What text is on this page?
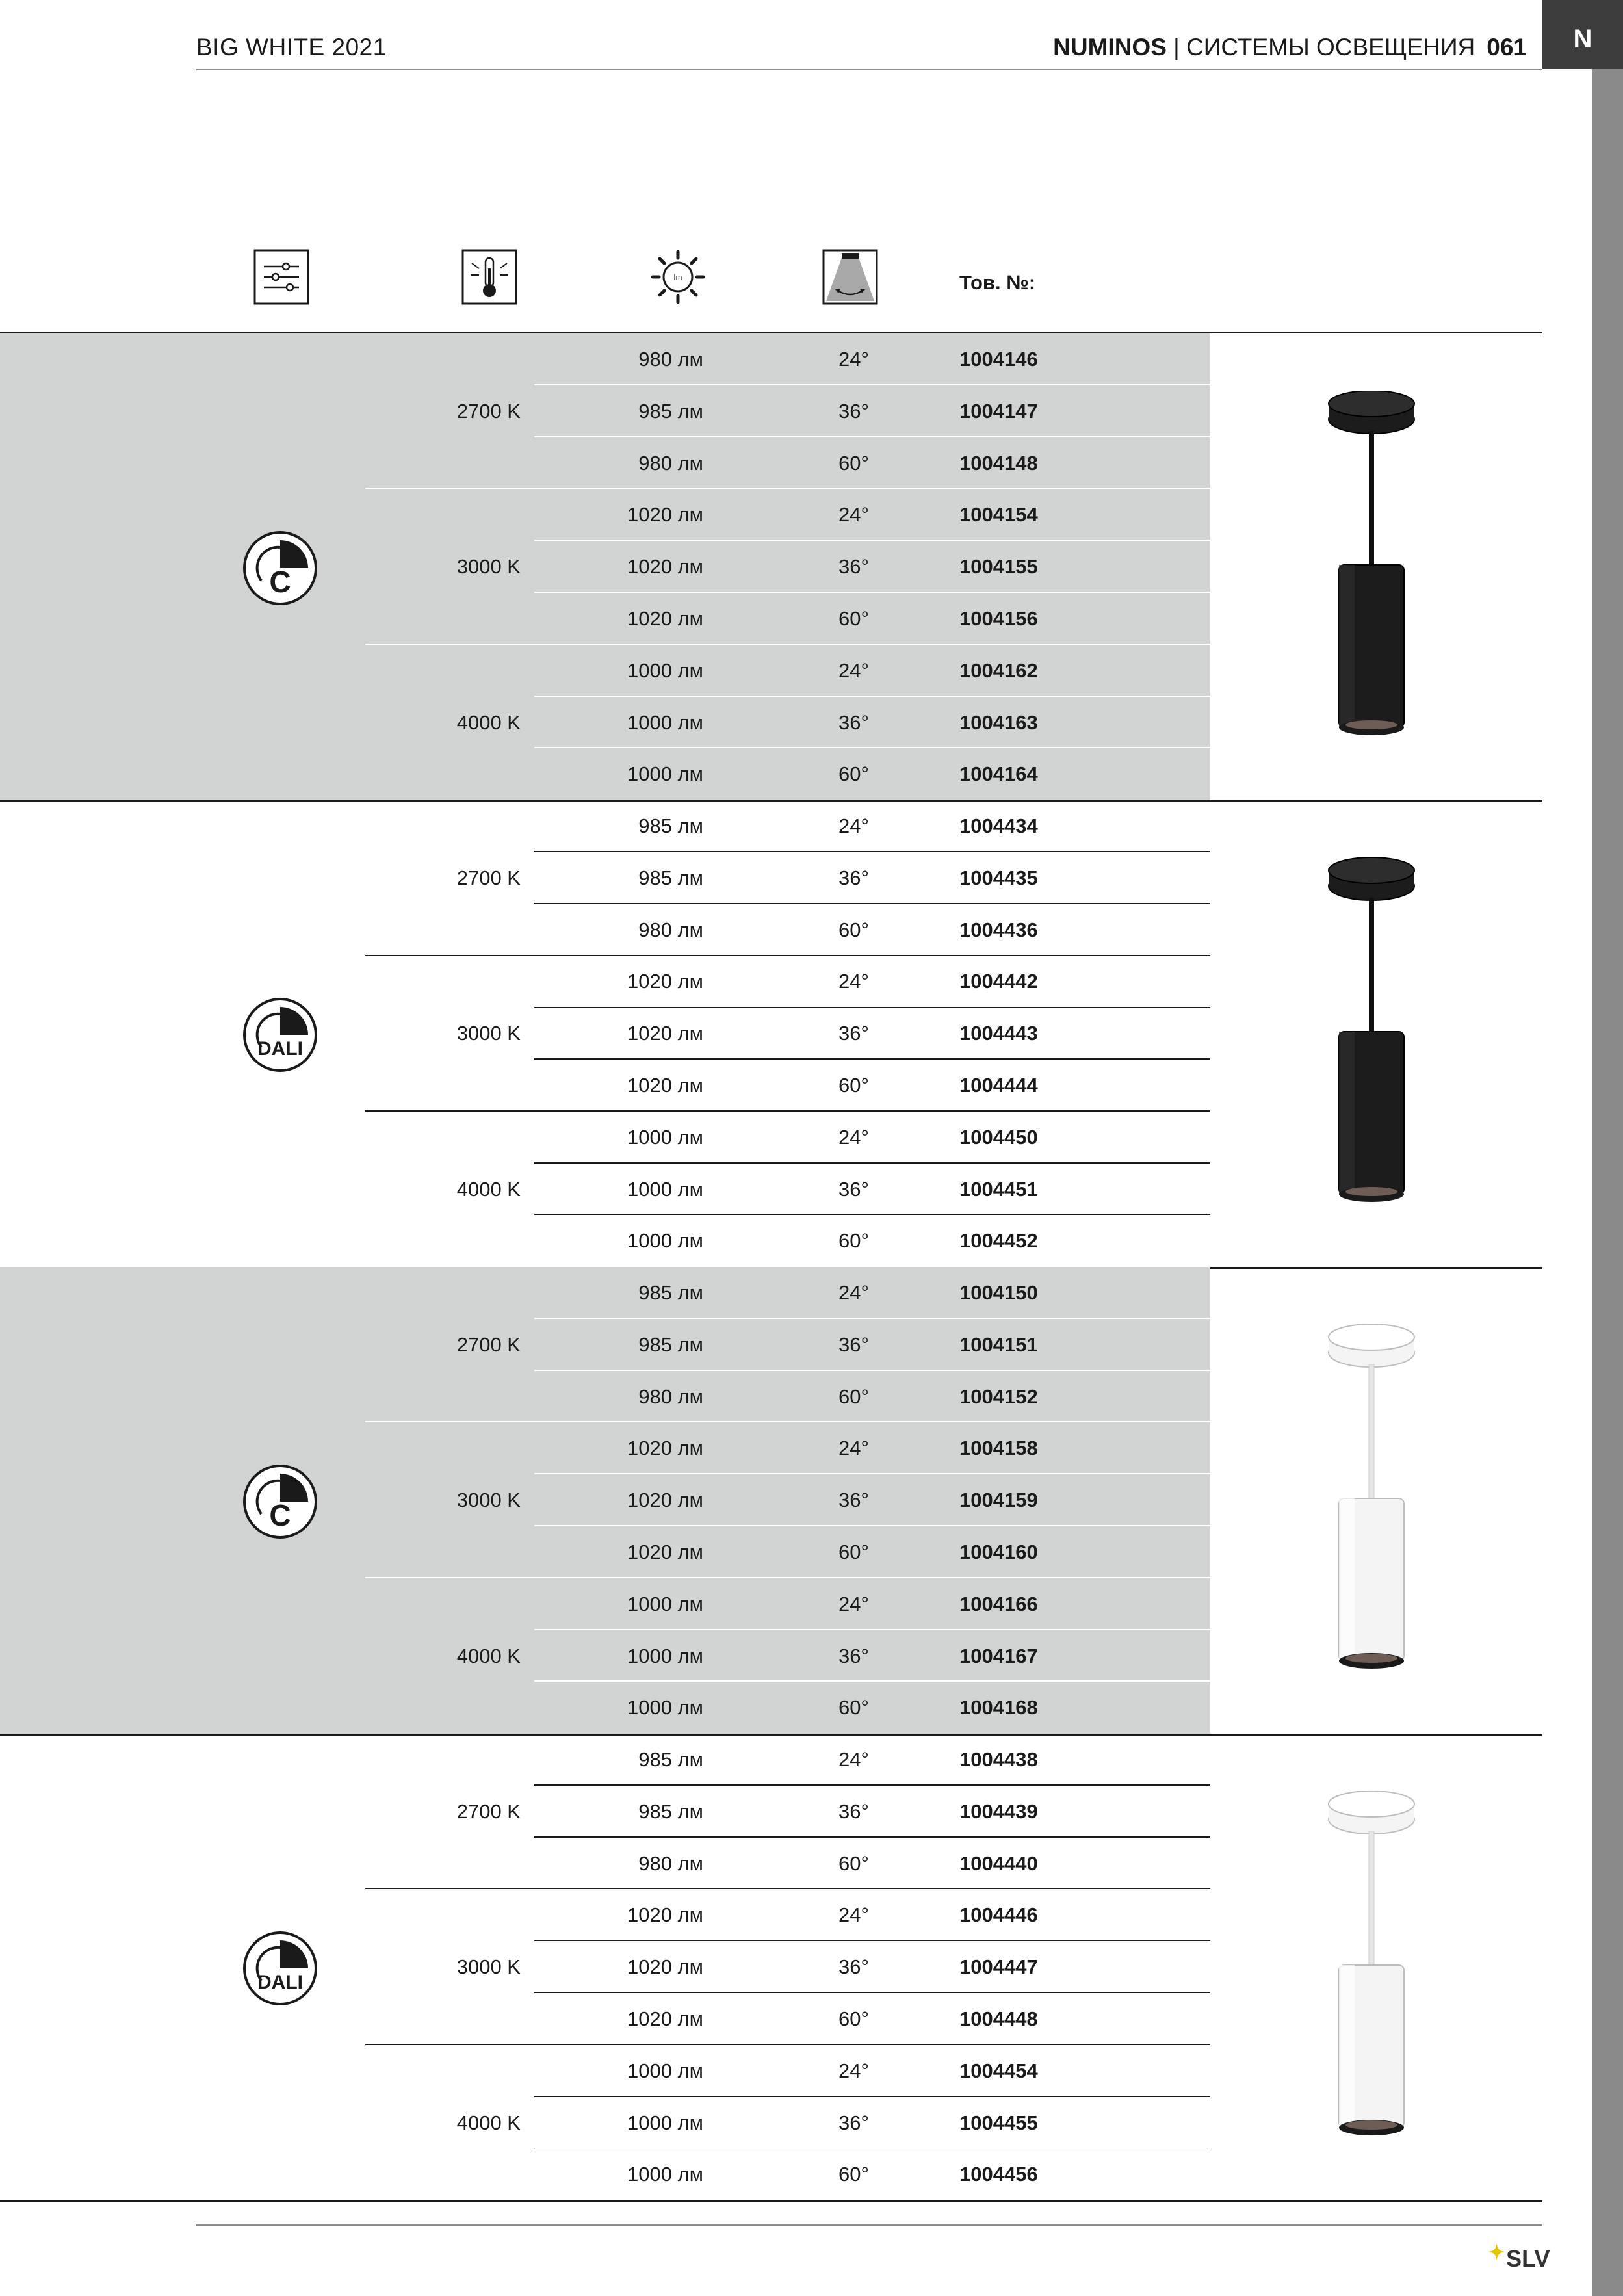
BIG WHITE 2021	NUMINOS | СИСТЕМЫ ОСВЕЩЕНИЯ 061	N
lm	Тов. №:
C
2700 K
980 лм	24°	1004146
985 лм	36°	1004147
980 лм	60°	1004148
3000 K
1020 лм	24°	1004154
1020 лм	36°	1004155
1020 лм	60°	1004156
4000 K
1000 лм	24°	1004162
1000 лм	36°	1004163
1000 лм	60°	1004164
DALI
2700 K
985 лм	24°	1004434
985 лм	36°	1004435
980 лм	60°	1004436
3000 K
1020 лм	24°	1004442
1020 лм	36°	1004443
1020 лм	60°	1004444
4000 K
1000 лм	24°	1004450
1000 лм	36°	1004451
1000 лм	60°	1004452
C
2700 K
985 лм	24°	1004150
985 лм	36°	1004151
980 лм	60°	1004152
3000 K
1020 лм	24°	1004158
1020 лм	36°	1004159
1020 лм	60°	1004160
4000 K
1000 лм	24°	1004166
1000 лм	36°	1004167
1000 лм	60°	1004168
DALI
2700 K
985 лм	24°	1004438
985 лм	36°	1004439
980 лм	60°	1004440
3000 K
1020 лм	24°	1004446
1020 лм	36°	1004447
1020 лм	60°	1004448
4000 K
1000 лм	24°	1004454
1000 лм	36°	1004455
1000 лм	60°	1004456
✦SLV
